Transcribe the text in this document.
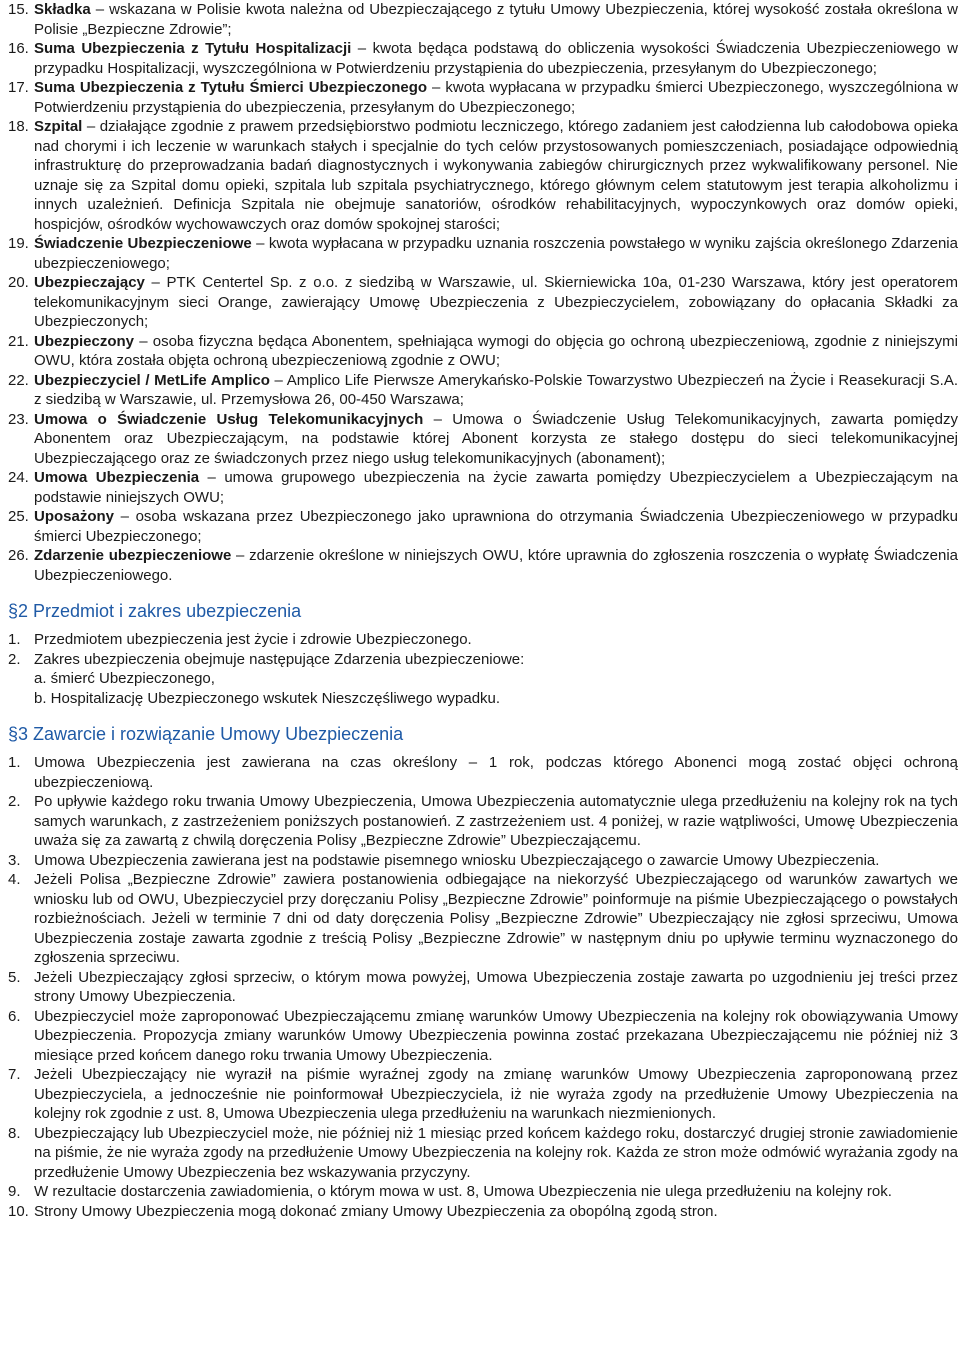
15. Składka – wskazana w Polisie kwota należna od Ubezpieczającego z tytułu Umowy Ubezpieczenia, której wysokość została określona w Polisie „Bezpieczne Zdrowie”;
16. Suma Ubezpieczenia z Tytułu Hospitalizacji – kwota będąca podstawą do obliczenia wysokości Świadczenia Ubezpieczeniowego w przypadku Hospitalizacji, wyszczególniona w Potwierdzeniu przystąpienia do ubezpieczenia, przesyłanym do Ubezpieczonego;
17. Suma Ubezpieczenia z Tytułu Śmierci Ubezpieczonego – kwota wypłacana w przypadku śmierci Ubezpieczonego, wyszczególniona w Potwierdzeniu przystąpienia do ubezpieczenia, przesyłanym do Ubezpieczonego;
18. Szpital – działające zgodnie z prawem przedsiębiorstwo podmiotu leczniczego, którego zadaniem jest całodzienna lub całodobowa opieka nad chorymi i ich leczenie w warunkach stałych i specjalnie do tych celów przystosowanych pomieszczeniach, posiadające odpowiednią infrastrukturę do przeprowadzania badań diagnostycznych i wykonywania zabiegów chirurgicznych przez wykwalifikowany personel. Nie uznaje się za Szpital domu opieki, szpitala lub szpitala psychiatrycznego, którego głównym celem statutowym jest terapia alkoholizmu i innych uzależnień. Definicja Szpitala nie obejmuje sanatoriów, ośrodków rehabilitacyjnych, wypoczynkowych oraz domów opieki, hospicjów, ośrodków wychowawczych oraz domów spokojnej starości;
19. Świadczenie Ubezpieczeniowe – kwota wypłacana w przypadku uznania roszczenia powstałego w wyniku zajścia określonego Zdarzenia ubezpieczeniowego;
20. Ubezpieczający – PTK Centertel Sp. z o.o. z siedzibą w Warszawie, ul. Skierniewicka 10a, 01-230 Warszawa, który jest operatorem telekomunikacyjnym sieci Orange, zawierający Umowę Ubezpieczenia z Ubezpieczycielem, zobowiązany do opłacania Składki za Ubezpieczonych;
21. Ubezpieczony – osoba fizyczna będąca Abonentem, spełniająca wymogi do objęcia go ochroną ubezpieczeniową, zgodnie z niniejszymi OWU, która została objęta ochroną ubezpieczeniową zgodnie z OWU;
22. Ubezpieczyciel / MetLife Amplico – Amplico Life Pierwsze Amerykańsko-Polskie Towarzystwo Ubezpieczeń na Życie i Reasekuracji S.A. z siedzibą w Warszawie, ul. Przemysłowa 26, 00-450 Warszawa;
23. Umowa o Świadczenie Usług Telekomunikacyjnych – Umowa o Świadczenie Usług Telekomunikacyjnych, zawarta pomiędzy Abonentem oraz Ubezpieczającym, na podstawie której Abonent korzysta ze stałego dostępu do sieci telekomunikacyjnej Ubezpieczającego oraz ze świadczonych przez niego usług telekomunikacyjnych (abonament);
24. Umowa Ubezpieczenia – umowa grupowego ubezpieczenia na życie zawarta pomiędzy Ubezpieczycielem a Ubezpieczającym na podstawie niniejszych OWU;
25. Uposażony – osoba wskazana przez Ubezpieczonego jako uprawniona do otrzymania Świadczenia Ubezpieczeniowego w przypadku śmierci Ubezpieczonego;
26. Zdarzenie ubezpieczeniowe – zdarzenie określone w niniejszych OWU, które uprawnia do zgłoszenia roszczenia o wypłatę Świadczenia Ubezpieczeniowego.
§2 Przedmiot i zakres ubezpieczenia
1. Przedmiotem ubezpieczenia jest życie i zdrowie Ubezpieczonego.
2. Zakres ubezpieczenia obejmuje następujące Zdarzenia ubezpieczeniowe:
a. śmierć Ubezpieczonego,
b. Hospitalizację Ubezpieczonego wskutek Nieszczęśliwego wypadku.
§3 Zawarcie i rozwiązanie Umowy Ubezpieczenia
1. Umowa Ubezpieczenia jest zawierana na czas określony – 1 rok, podczas którego Abonenci mogą zostać objęci ochroną ubezpieczeniową.
2. Po upływie każdego roku trwania Umowy Ubezpieczenia, Umowa Ubezpieczenia automatycznie ulega przedłużeniu na kolejny rok na tych samych warunkach, z zastrzeżeniem poniższych postanowień. Z zastrzeżeniem ust. 4 poniżej, w razie wątpliwości, Umowę Ubezpieczenia uważa się za zawartą z chwilą doręczenia Polisy „Bezpieczne Zdrowie” Ubezpieczającemu.
3. Umowa Ubezpieczenia zawierana jest na podstawie pisemnego wniosku Ubezpieczającego o zawarcie Umowy Ubezpieczenia.
4. Jeżeli Polisa „Bezpieczne Zdrowie” zawiera postanowienia odbiegające na niekorzyść Ubezpieczającego od warunków zawartych we wniosku lub od OWU, Ubezpieczyciel przy doręczaniu Polisy „Bezpieczne Zdrowie” poinformuje na piśmie Ubezpieczającego o powstałych rozbieżnościach. Jeżeli w terminie 7 dni od daty doręczenia Polisy „Bezpieczne Zdrowie” Ubezpieczający nie zgłosi sprzeciwu, Umowa Ubezpieczenia zostaje zawarta zgodnie z treścią Polisy „Bezpieczne Zdrowie” w następnym dniu po upływie terminu wyznaczonego do zgłoszenia sprzeciwu.
5. Jeżeli Ubezpieczający zgłosi sprzeciw, o którym mowa powyżej, Umowa Ubezpieczenia zostaje zawarta po uzgodnieniu jej treści przez strony Umowy Ubezpieczenia.
6. Ubezpieczyciel może zaproponować Ubezpieczającemu zmianę warunków Umowy Ubezpieczenia na kolejny rok obowiązywania Umowy Ubezpieczenia. Propozycja zmiany warunków Umowy Ubezpieczenia powinna zostać przekazana Ubezpieczającemu nie później niż 3 miesiące przed końcem danego roku trwania Umowy Ubezpieczenia.
7. Jeżeli Ubezpieczający nie wyraził na piśmie wyraźnej zgody na zmianę warunków Umowy Ubezpieczenia zaproponowaną przez Ubezpieczyciela, a jednocześnie nie poinformował Ubezpieczyciela, iż nie wyraża zgody na przedłużenie Umowy Ubezpieczenia na kolejny rok zgodnie z ust. 8, Umowa Ubezpieczenia ulega przedłużeniu na warunkach niezmienionych.
8. Ubezpieczający lub Ubezpieczyciel może, nie później niż 1 miesiąc przed końcem każdego roku, dostarczyć drugiej stronie zawiadomienie na piśmie, że nie wyraża zgody na przedłużenie Umowy Ubezpieczenia na kolejny rok. Każda ze stron może odmówić wyrażania zgody na przedłużenie Umowy Ubezpieczenia bez wskazywania przyczyny.
9. W rezultacie dostarczenia zawiadomienia, o którym mowa w ust. 8, Umowa Ubezpieczenia nie ulega przedłużeniu na kolejny rok.
10. Strony Umowy Ubezpieczenia mogą dokonać zmiany Umowy Ubezpieczenia za obopólną zgodą stron.
